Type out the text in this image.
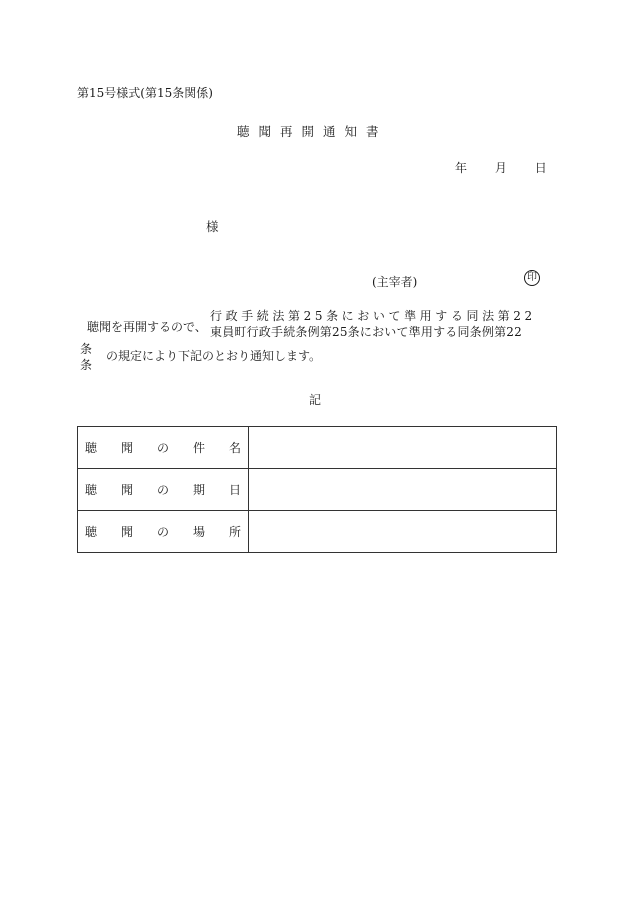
第15号様式(第15条関係)
聴聞再開通知書
年 月 日
様
(主宰者)	印
聴聞を再開するので、
行政手続法第25条において準用する同法第22
東員町行政手続条例第25条において準用する同条例第22
条
条
の規定により下記のとおり通知します。
記
聴 聞 の 件 名	

聴 聞 の 期 日	

聴 聞 の 場 所	
